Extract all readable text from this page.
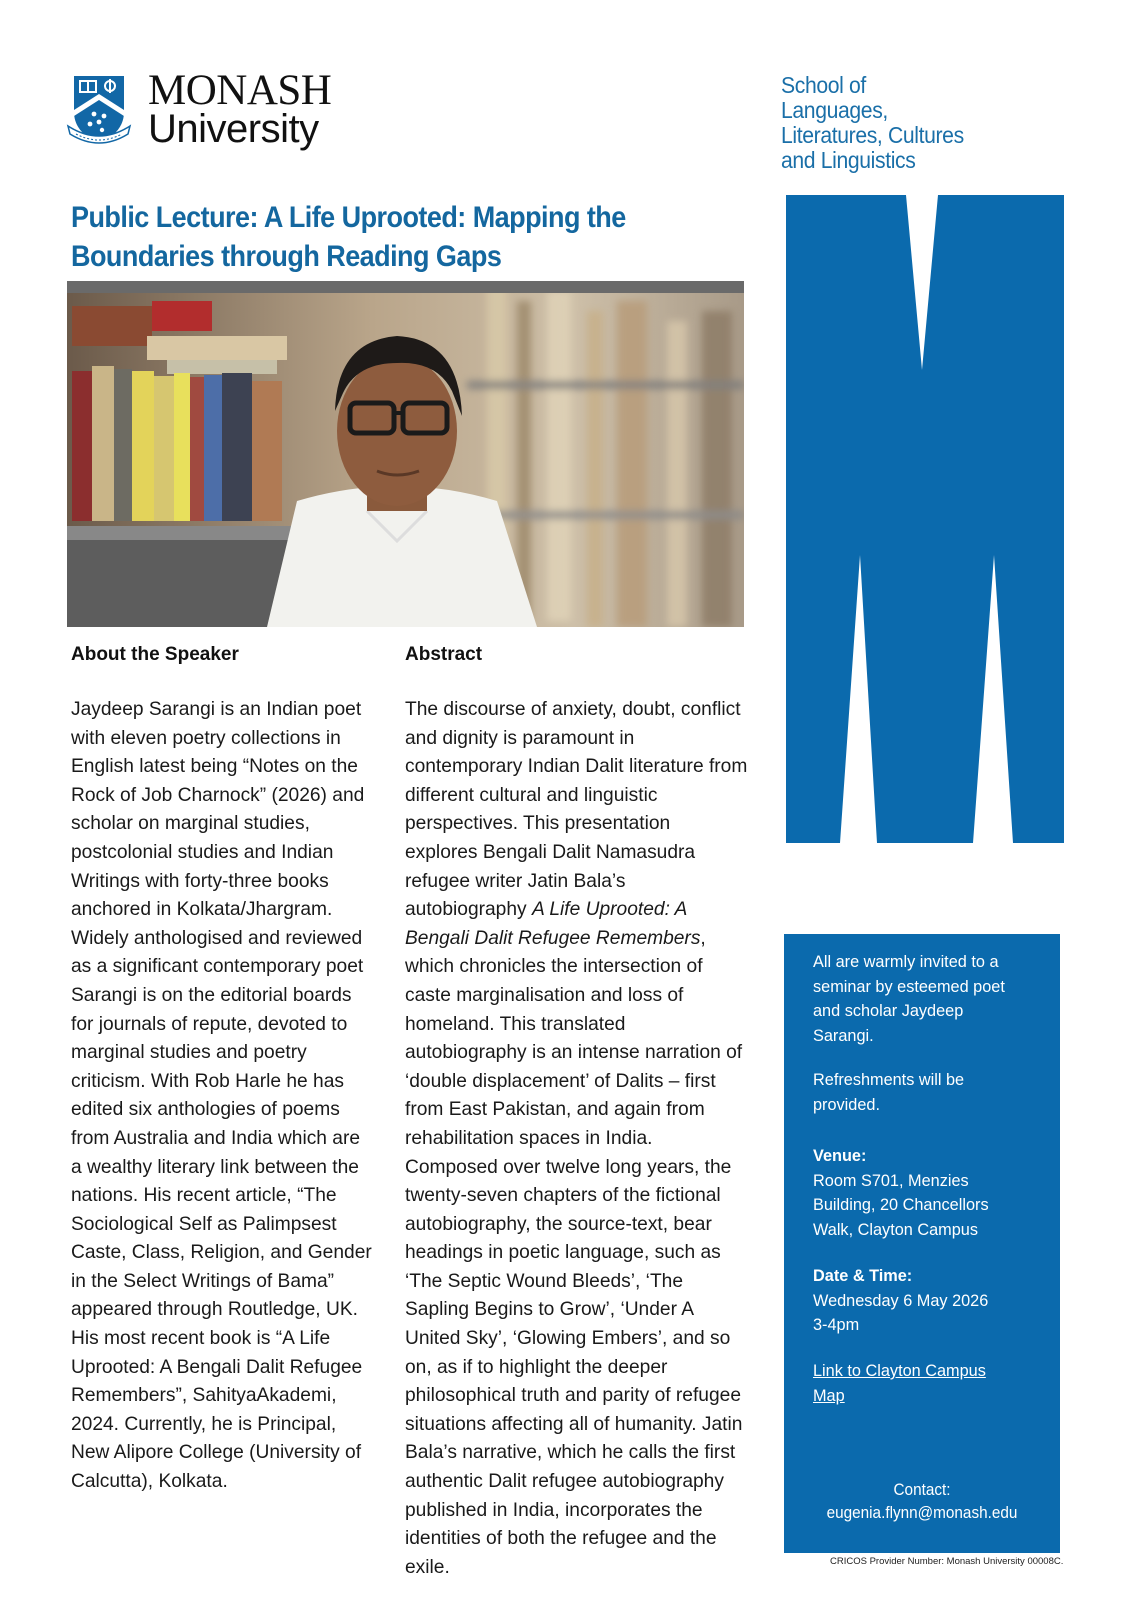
MONASH
University
School of
Languages,
Literatures, Cultures
and Linguistics
Public Lecture: A Life Uprooted: Mapping the
Boundaries through Reading Gaps
About the Speaker
Jaydeep Sarangi is an Indian poet
with eleven poetry collections in
English latest being “Notes on the
Rock of Job Charnock” (2026) and
scholar on marginal studies,
postcolonial studies and Indian
Writings with forty-three books
anchored in Kolkata/Jhargram.
Widely anthologised and reviewed
as a significant contemporary poet
Sarangi is on the editorial boards
for journals of repute, devoted to
marginal studies and poetry
criticism. With Rob Harle he has
edited six anthologies of poems
from Australia and India which are
a wealthy literary link between the
nations. His recent article, “The
Sociological Self as Palimpsest
Caste, Class, Religion, and Gender
in the Select Writings of Bama”
appeared through Routledge, UK.
His most recent book is “A Life
Uprooted: A Bengali Dalit Refugee
Remembers”, SahityaAkademi,
2024. Currently, he is Principal,
New Alipore College (University of
Calcutta), Kolkata.
Abstract
The discourse of anxiety, doubt, conflict
and dignity is paramount in
contemporary Indian Dalit literature from
different cultural and linguistic
perspectives. This presentation
explores Bengali Dalit Namasudra
refugee writer Jatin Bala’s
autobiography A Life Uprooted: A
Bengali Dalit Refugee Remembers,
which chronicles the intersection of
caste marginalisation and loss of
homeland. This translated
autobiography is an intense narration of
‘double displacement’ of Dalits – first
from East Pakistan, and again from
rehabilitation spaces in India.
Composed over twelve long years, the
twenty-seven chapters of the fictional
autobiography, the source-text, bear
headings in poetic language, such as
‘The Septic Wound Bleeds’, ‘The
Sapling Begins to Grow’, ‘Under A
United Sky’, ‘Glowing Embers’, and so
on, as if to highlight the deeper
philosophical truth and parity of refugee
situations affecting all of humanity. Jatin
Bala’s narrative, which he calls the first
authentic Dalit refugee autobiography
published in India, incorporates the
identities of both the refugee and the
exile.
All are warmly invited to a
seminar by esteemed poet
and scholar Jaydeep
Sarangi.
Refreshments will be
provided.
Venue:
Room S701, Menzies
Building, 20 Chancellors
Walk, Clayton Campus
Date & Time:
Wednesday 6 May 2026
3-4pm
Link to Clayton Campus
Map
Contact:
eugenia.flynn@monash.edu
CRICOS Provider Number: Monash University 00008C.
